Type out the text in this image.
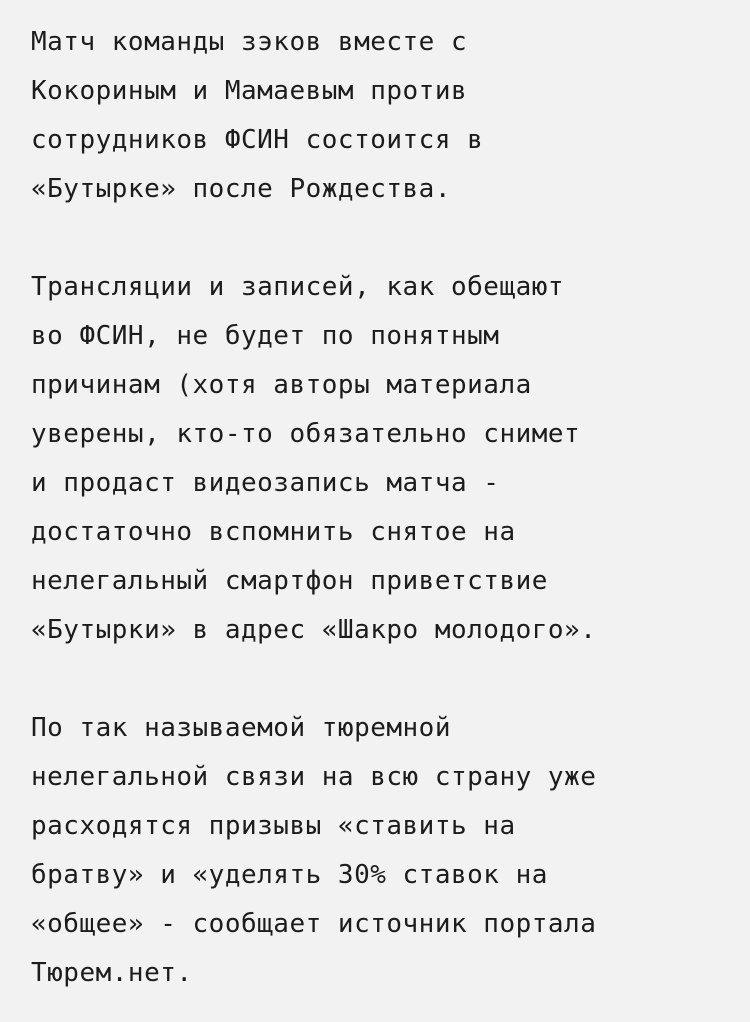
Матч команды зэков вместе с
Кокориным и Мамаевым против
сотрудников ФСИН состоится в
«Бутырке» после Рождества.

Трансляции и записей, как обещают
во ФСИН, не будет по понятным
причинам (хотя авторы материала
уверены, кто-то обязательно снимет
и продаст видеозапись матча -
достаточно вспомнить снятое на
нелегальный смартфон приветствие
«Бутырки» в адрес «Шакро молодого».

По так называемой тюремной
нелегальной связи на всю страну уже
расходятся призывы «ставить на
братву» и «уделять 30% ставок на
«общее» - сообщает источник портала
Тюрем.нет.
